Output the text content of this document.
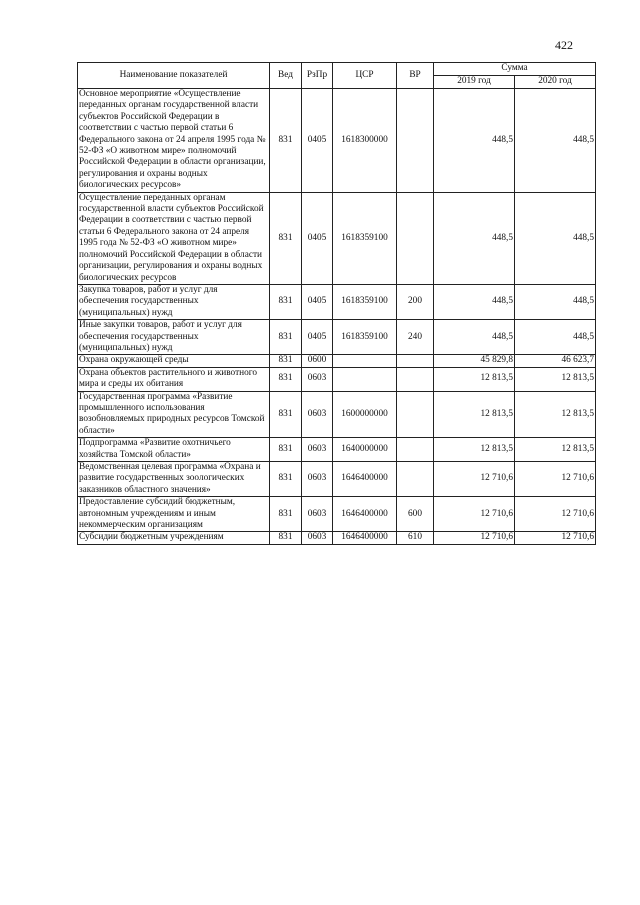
422
Наименование показателей	Вед	РзПр	ЦСР	ВР	Сумма	
					2019 год	2020 год
Основное мероприятие «Осуществление переданных органам государственной власти субъектов Российской Федерации в соответствии с частью первой статьи 6 Федерального закона от 24 апреля 1995 года № 52-ФЗ «О животном мире» полномочий Российской Федерации в области организации, регулирования и охраны водных биологических ресурсов»	831	0405	1618300000		448,5	448,5
Осуществление переданных органам государственной власти субъектов Российской Федерации в соответствии с частью первой статьи 6 Федерального закона от 24 апреля 1995 года № 52-ФЗ «О животном мире» полномочий Российской Федерации в области организации, регулирования и охраны водных биологических ресурсов	831	0405	1618359100		448,5	448,5
Закупка товаров, работ и услуг для обеспечения государственных (муниципальных) нужд	831	0405	1618359100	200	448,5	448,5
Иные закупки товаров, работ и услуг для обеспечения государственных (муниципальных) нужд	831	0405	1618359100	240	448,5	448,5
Охрана окружающей среды	831	0600			45 829,8	46 623,7
Охрана объектов растительного и животного мира и среды их обитания	831	0603			12 813,5	12 813,5
Государственная программа «Развитие промышленного использования возобновляемых природных ресурсов Томской области»	831	0603	1600000000		12 813,5	12 813,5
Подпрограмма «Развитие охотничьего хозяйства Томской области»	831	0603	1640000000		12 813,5	12 813,5
Ведомственная целевая программа «Охрана и развитие государственных зоологических заказников областного значения»	831	0603	1646400000		12 710,6	12 710,6
Предоставление субсидий бюджетным, автономным учреждениям и иным некоммерческим организациям	831	0603	1646400000	600	12 710,6	12 710,6
Субсидии бюджетным учреждениям	831	0603	1646400000	610	12 710,6	12 710,6
